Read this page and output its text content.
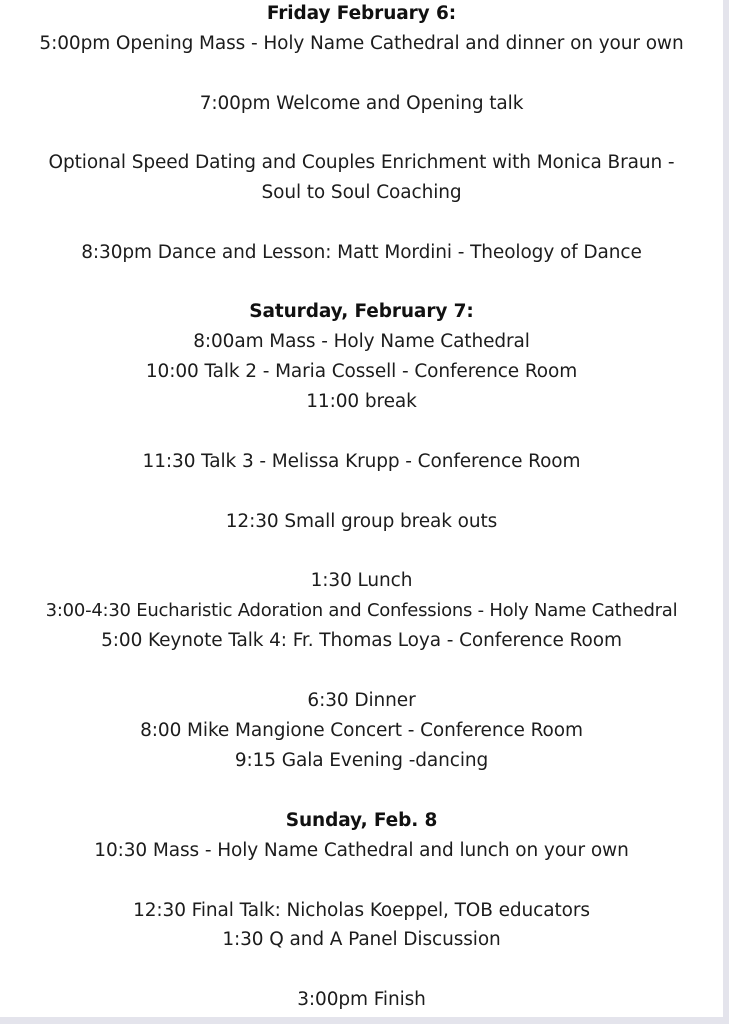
Friday February 6:
5:00pm Opening Mass - Holy Name Cathedral and dinner on your own
7:00pm Welcome and Opening talk
Optional Speed Dating and Couples Enrichment with Monica Braun -
Soul to Soul Coaching
8:30pm Dance and Lesson: Matt Mordini - Theology of Dance
Saturday, February 7:
8:00am Mass - Holy Name Cathedral
10:00 Talk 2 - Maria Cossell - Conference Room
11:00 break
11:30 Talk 3 - Melissa Krupp - Conference Room
12:30 Small group break outs
1:30 Lunch
3:00-4:30 Eucharistic Adoration and Confessions - Holy Name Cathedral
5:00 Keynote Talk 4: Fr. Thomas Loya - Conference Room
6:30 Dinner
8:00 Mike Mangione Concert - Conference Room
9:15 Gala Evening -dancing
Sunday, Feb. 8
10:30 Mass - Holy Name Cathedral and lunch on your own
12:30 Final Talk: Nicholas Koeppel, TOB educators
1:30 Q and A Panel Discussion
3:00pm Finish
